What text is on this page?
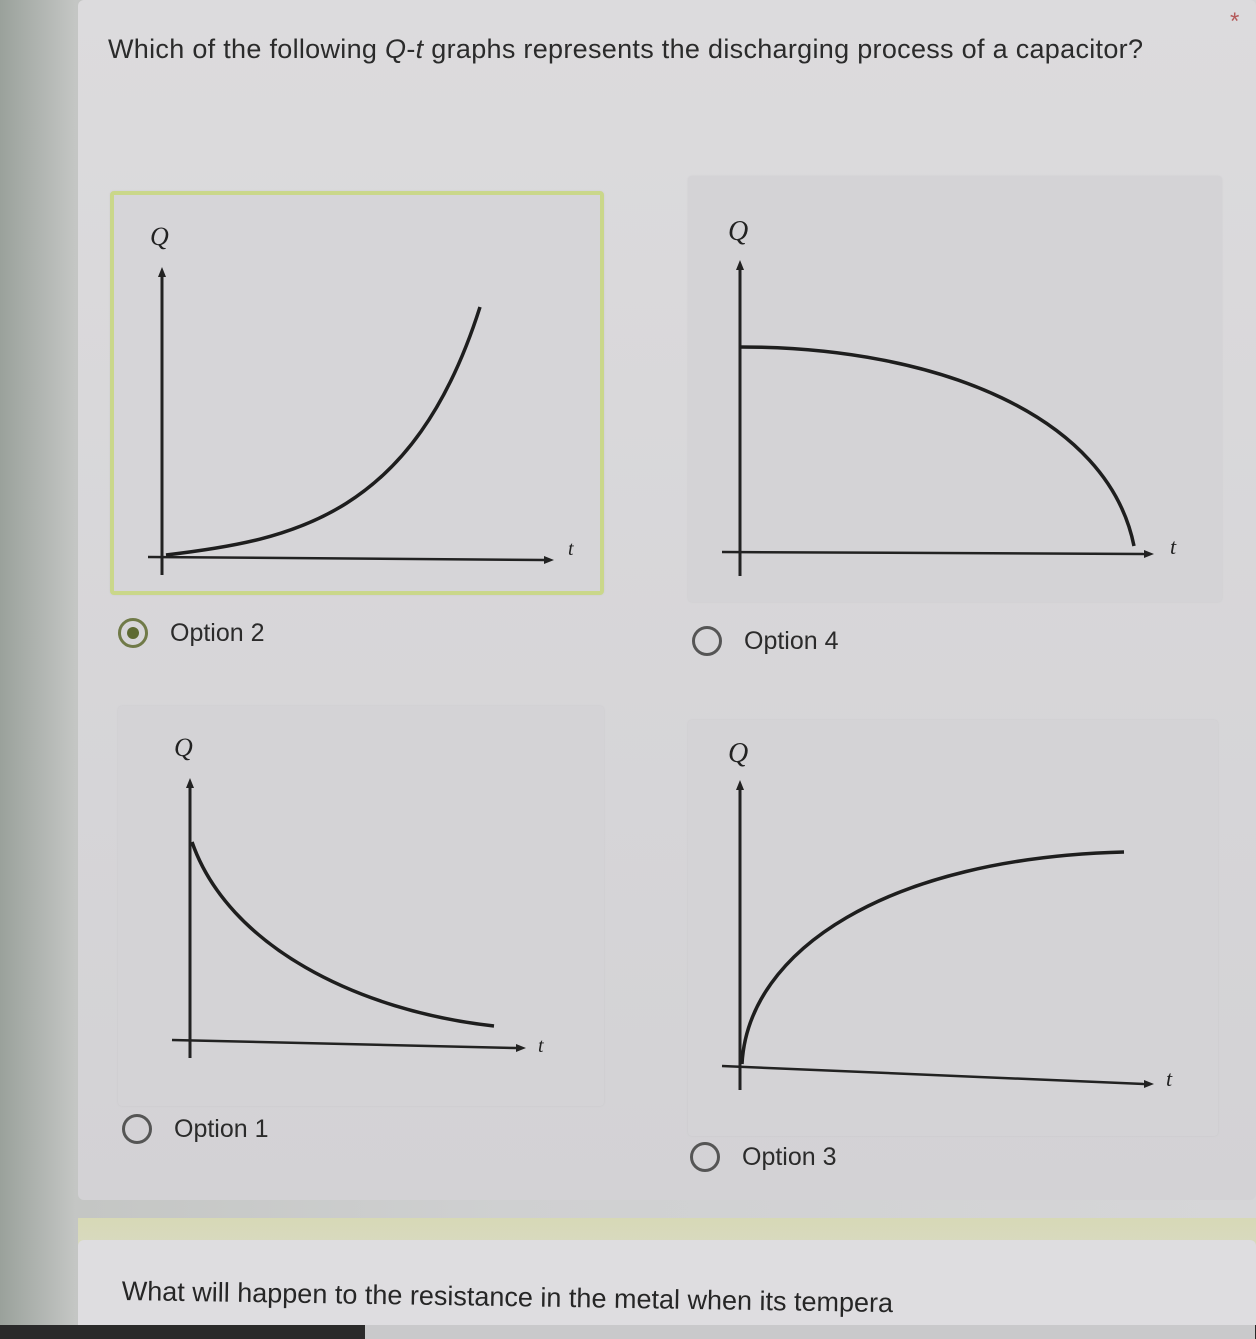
Which of the following Q-t graphs represents the discharging process of a capacitor?
*
Q
t
Q
t
Q
t
Q
t
Option 2	Option 4
Option 1
Option 3
What will happen to the resistance in the metal when its tempera
